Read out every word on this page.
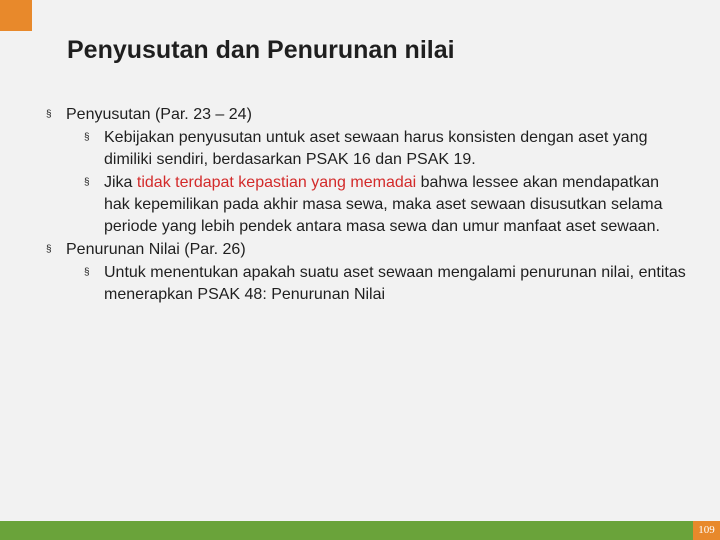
Penyusutan dan Penurunan nilai
§ Penyusutan (Par. 23 – 24)
§ Kebijakan penyusutan untuk aset sewaan harus konsisten dengan aset yang dimiliki sendiri, berdasarkan PSAK 16 dan PSAK 19.
§ Jika tidak terdapat kepastian yang memadai bahwa lessee akan mendapatkan hak kepemilikan pada akhir masa sewa, maka aset sewaan disusutkan selama periode yang lebih pendek antara masa sewa dan umur manfaat aset sewaan.
§ Penurunan Nilai (Par. 26)
§ Untuk menentukan apakah suatu aset sewaan mengalami penurunan nilai, entitas menerapkan PSAK 48: Penurunan Nilai
109
